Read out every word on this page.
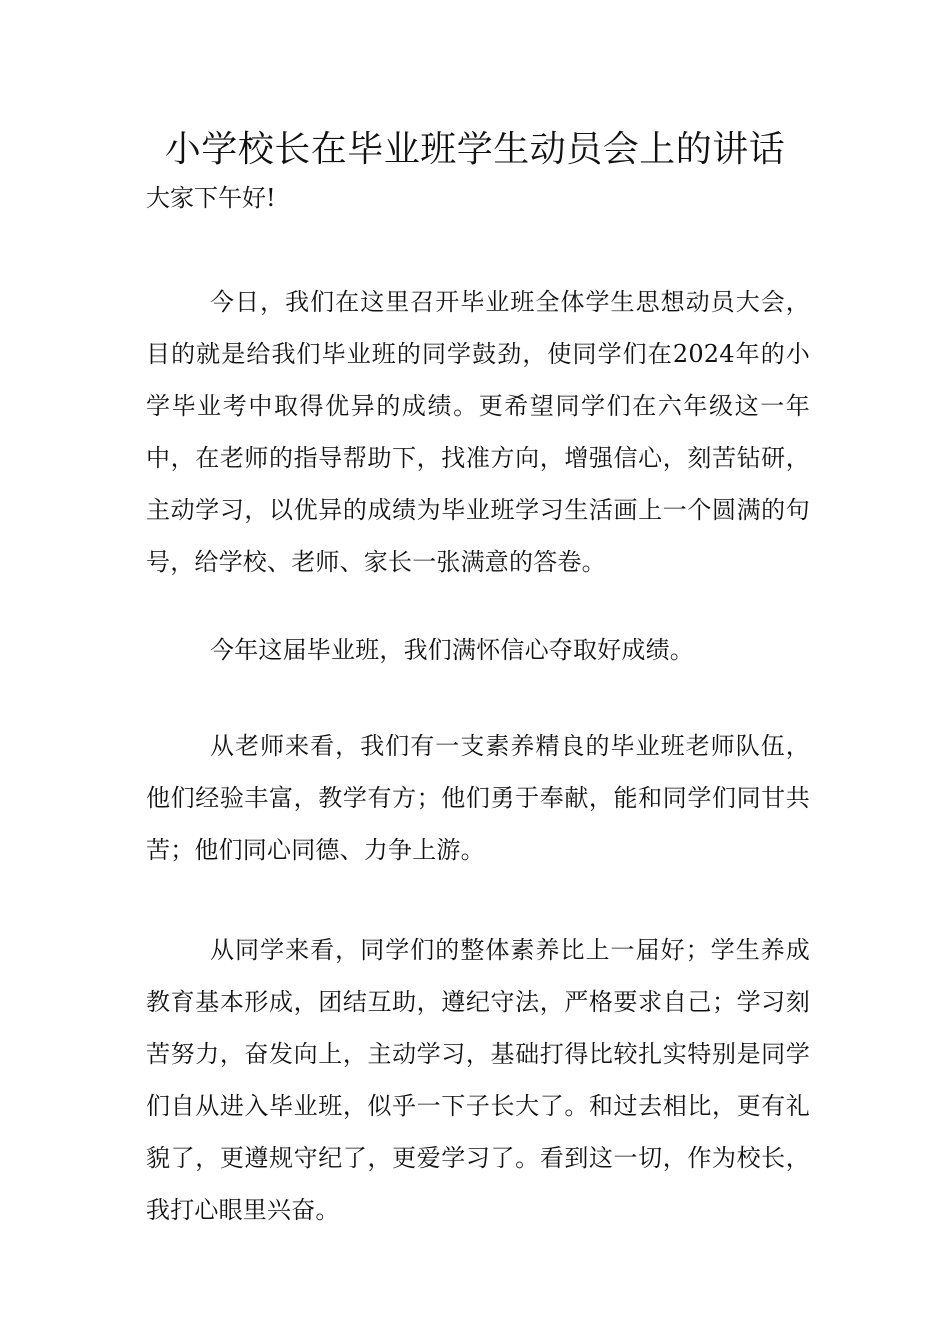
小学校长在毕业班学生动员会上的讲话

大家下午好!

今日，我们在这里召开毕业班全体学生思想动员大会，目的就是给我们毕业班的同学鼓劲，使同学们在2024年的小学毕业考中取得优异的成绩。更希望同学们在六年级这一年中，在老师的指导帮助下，找准方向，增强信心，刻苦钻研，主动学习，以优异的成绩为毕业班学习生活画上一个圆满的句号，给学校、老师、家长一张满意的答卷。

今年这届毕业班，我们满怀信心夺取好成绩。

从老师来看，我们有一支素养精良的毕业班老师队伍，他们经验丰富，教学有方；他们勇于奉献，能和同学们同甘共苦；他们同心同德、力争上游。

从同学来看，同学们的整体素养比上一届好；学生养成教育基本形成，团结互助，遵纪守法，严格要求自己；学习刻苦努力，奋发向上，主动学习，基础打得比较扎实特别是同学们自从进入毕业班，似乎一下子长大了。和过去相比，更有礼貌了，更遵规守纪了，更爱学习了。看到这一切，作为校长，我打心眼里兴奋。
